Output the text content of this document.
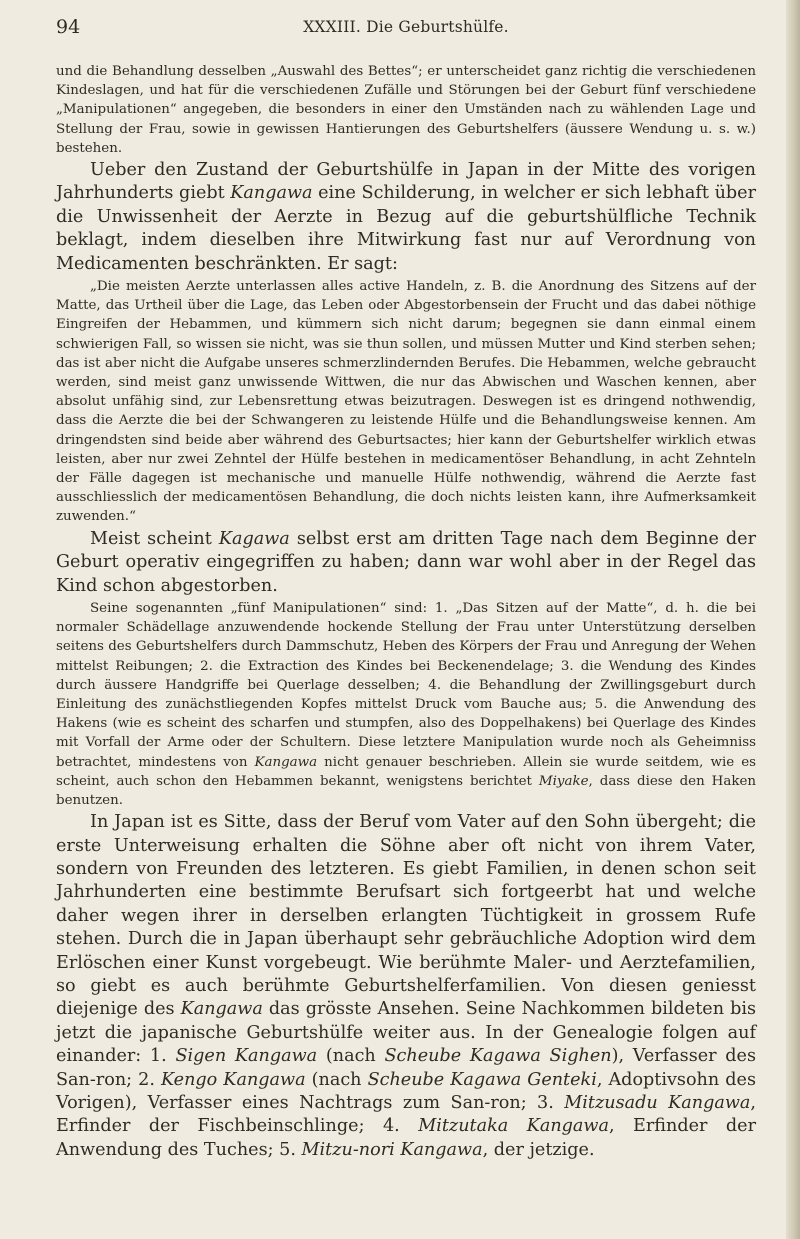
94	XXXIII. Die Geburtshülfe.

und die Behandlung desselben „Auswahl des Bettes“; er unterscheidet ganz richtig die verschiedenen Kindeslagen, und hat für die verschiedenen Zufälle und Störungen bei der Geburt fünf verschiedene „Manipulationen“ angegeben, die besonders in einer den Umständen nach zu wählenden Lage und Stellung der Frau, sowie in gewissen Hantierungen des Geburtshelfers (äussere Wendung u. s. w.) bestehen.

Ueber den Zustand der Geburtshülfe in Japan in der Mitte des vorigen Jahrhunderts giebt Kangawa eine Schilderung, in welcher er sich lebhaft über die Unwissenheit der Aerzte in Bezug auf die geburtshülfliche Technik beklagt, indem dieselben ihre Mitwirkung fast nur auf Verordnung von Medicamenten beschränkten. Er sagt:

„Die meisten Aerzte unterlassen alles active Handeln, z. B. die Anordnung des Sitzens auf der Matte, das Urtheil über die Lage, das Leben oder Abgestorbensein der Frucht und das dabei nöthige Eingreifen der Hebammen, und kümmern sich nicht darum; begegnen sie dann einmal einem schwierigen Fall, so wissen sie nicht, was sie thun sollen, und müssen Mutter und Kind sterben sehen; das ist aber nicht die Aufgabe unseres schmerzlindernden Berufes. Die Hebammen, welche gebraucht werden, sind meist ganz unwissende Wittwen, die nur das Abwischen und Waschen kennen, aber absolut unfähig sind, zur Lebensrettung etwas beizutragen. Deswegen ist es dringend nothwendig, dass die Aerzte die bei der Schwangeren zu leistende Hülfe und die Behandlungsweise kennen. Am dringendsten sind beide aber während des Geburtsactes; hier kann der Geburtshelfer wirklich etwas leisten, aber nur zwei Zehntel der Hülfe bestehen in medicamentöser Behandlung, in acht Zehnteln der Fälle dagegen ist mechanische und manuelle Hülfe nothwendig, während die Aerzte fast ausschliesslich der medicamentösen Behandlung, die doch nichts leisten kann, ihre Aufmerksamkeit zuwenden.“

Meist scheint Kagawa selbst erst am dritten Tage nach dem Beginne der Geburt operativ eingegriffen zu haben; dann war wohl aber in der Regel das Kind schon abgestorben.

Seine sogenannten „fünf Manipulationen“ sind: 1. „Das Sitzen auf der Matte“, d. h. die bei normaler Schädellage anzuwendende hockende Stellung der Frau unter Unterstützung derselben seitens des Geburtshelfers durch Dammschutz, Heben des Körpers der Frau und Anregung der Wehen mittelst Reibungen; 2. die Extraction des Kindes bei Beckenendelage; 3. die Wendung des Kindes durch äussere Handgriffe bei Querlage desselben; 4. die Behandlung der Zwillingsgeburt durch Einleitung des zunächstliegenden Kopfes mittelst Druck vom Bauche aus; 5. die Anwendung des Hakens (wie es scheint des scharfen und stumpfen, also des Doppelhakens) bei Querlage des Kindes mit Vorfall der Arme oder der Schultern. Diese letztere Manipulation wurde noch als Geheimniss betrachtet, mindestens von Kangawa nicht genauer beschrieben. Allein sie wurde seitdem, wie es scheint, auch schon den Hebammen bekannt, wenigstens berichtet Miyake, dass diese den Haken benutzen.

In Japan ist es Sitte, dass der Beruf vom Vater auf den Sohn übergeht; die erste Unterweisung erhalten die Söhne aber oft nicht von ihrem Vater, sondern von Freunden des letzteren. Es giebt Familien, in denen schon seit Jahrhunderten eine bestimmte Berufsart sich fortgeerbt hat und welche daher wegen ihrer in derselben erlangten Tüchtigkeit in grossem Rufe stehen. Durch die in Japan überhaupt sehr gebräuchliche Adoption wird dem Erlöschen einer Kunst vorgebeugt. Wie berühmte Maler- und Aerztefamilien, so giebt es auch berühmte Geburtshelferfamilien. Von diesen geniesst diejenige des Kangawa das grösste Ansehen. Seine Nachkommen bildeten bis jetzt die japanische Geburtshülfe weiter aus. In der Genealogie folgen auf einander: 1. Sigen Kangawa (nach Scheube Kagawa Sighen), Verfasser des San-ron; 2. Kengo Kangawa (nach Scheube Kagawa Genteki, Adoptivsohn des Vorigen), Verfasser eines Nachtrags zum San-ron; 3. Mitzusadu Kangawa, Erfinder der Fischbeinschlinge; 4. Mitzutaka Kangawa, Erfinder der Anwendung des Tuches; 5. Mitzu-nori Kangawa, der jetzige.
